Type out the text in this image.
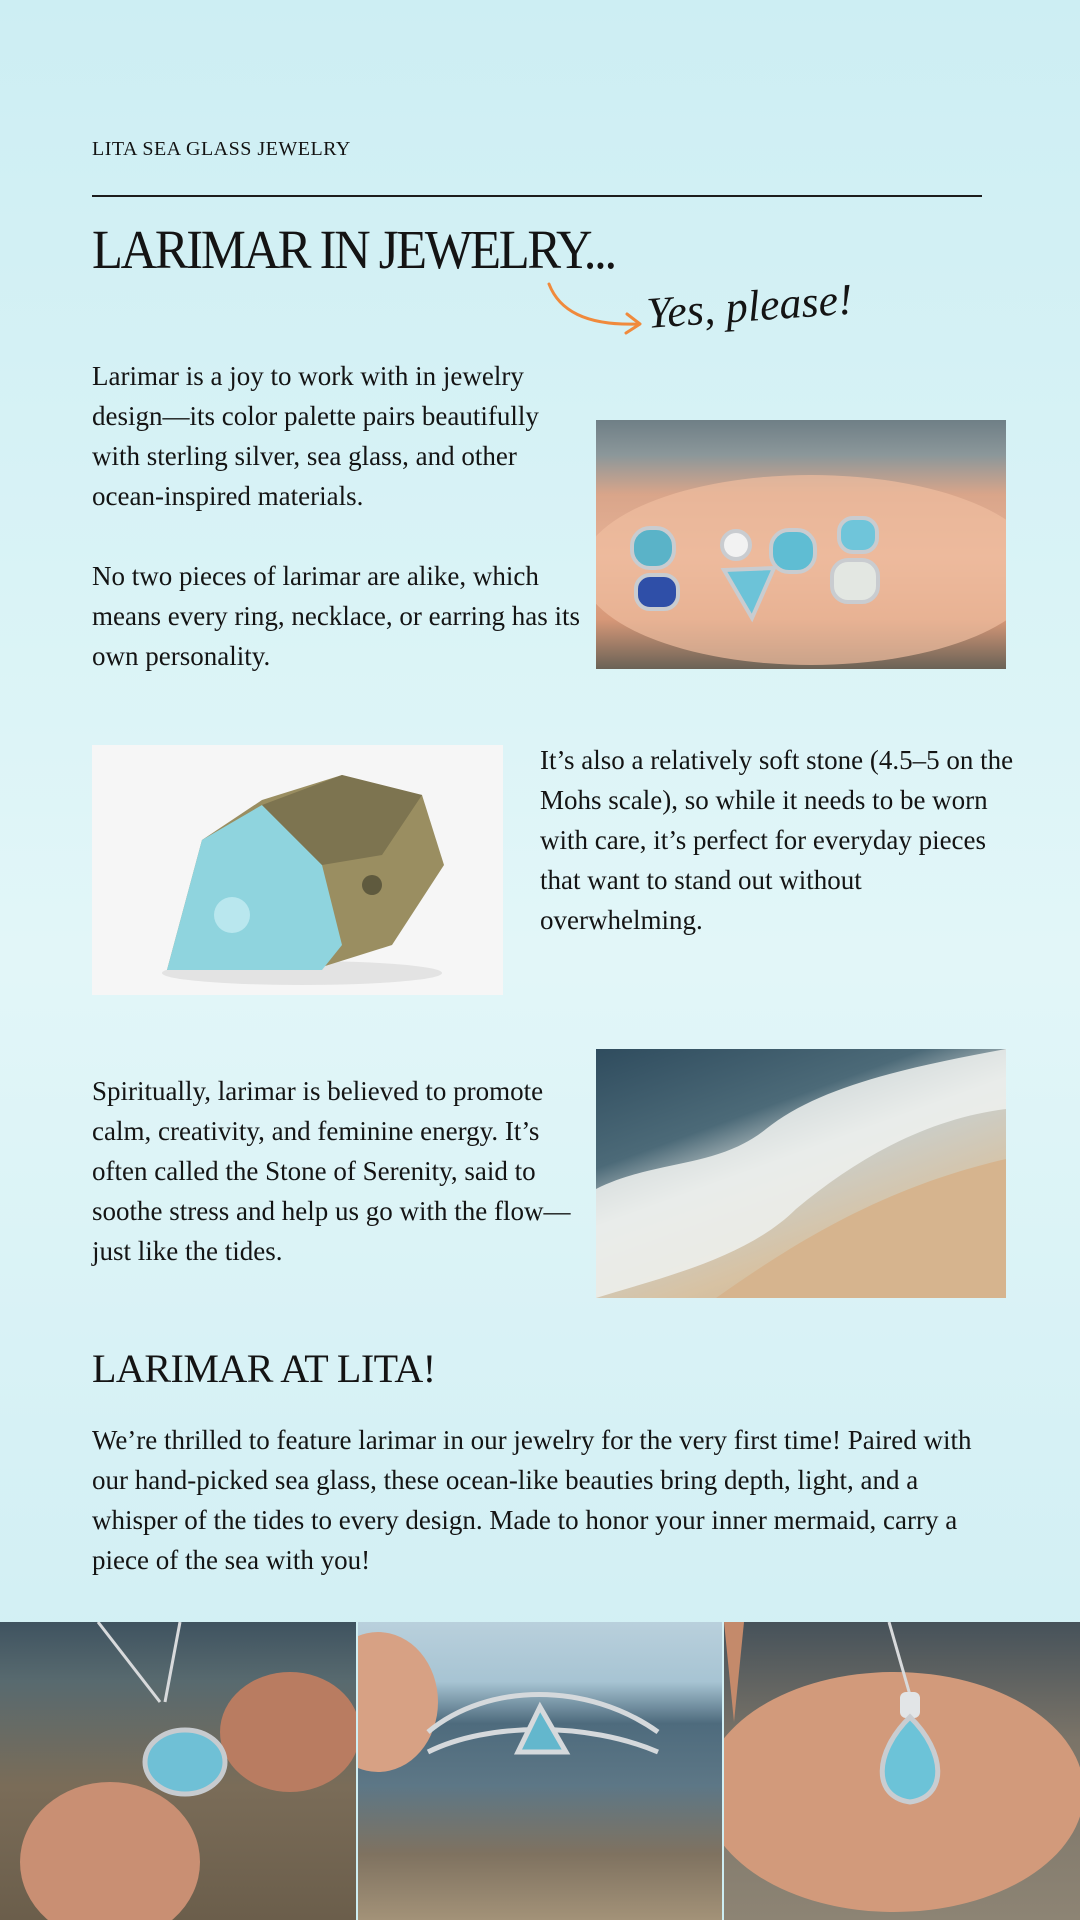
LITA SEA GLASS JEWELRY
LARIMAR IN JEWELRY...
Yes, please!
Larimar is a joy to work with in jewelry design—its color palette pairs beautifully with sterling silver, sea glass, and other ocean-inspired materials.
No two pieces of larimar are alike, which means every ring, necklace, or earring has its own personality.
It’s also a relatively soft stone (4.5–5 on the Mohs scale), so while it needs to be worn with care, it’s perfect for everyday pieces that want to stand out without overwhelming.
Spiritually, larimar is believed to promote calm, creativity, and feminine energy. It’s often called the Stone of Serenity, said to soothe stress and help us go with the flow—just like the tides.
LARIMAR AT LITA!
We’re thrilled to feature larimar in our jewelry for the very first time! Paired with our hand-picked sea glass, these ocean-like beauties bring depth, light, and a whisper of the tides to every design. Made to honor your inner mermaid, carry a piece of the sea with you!
